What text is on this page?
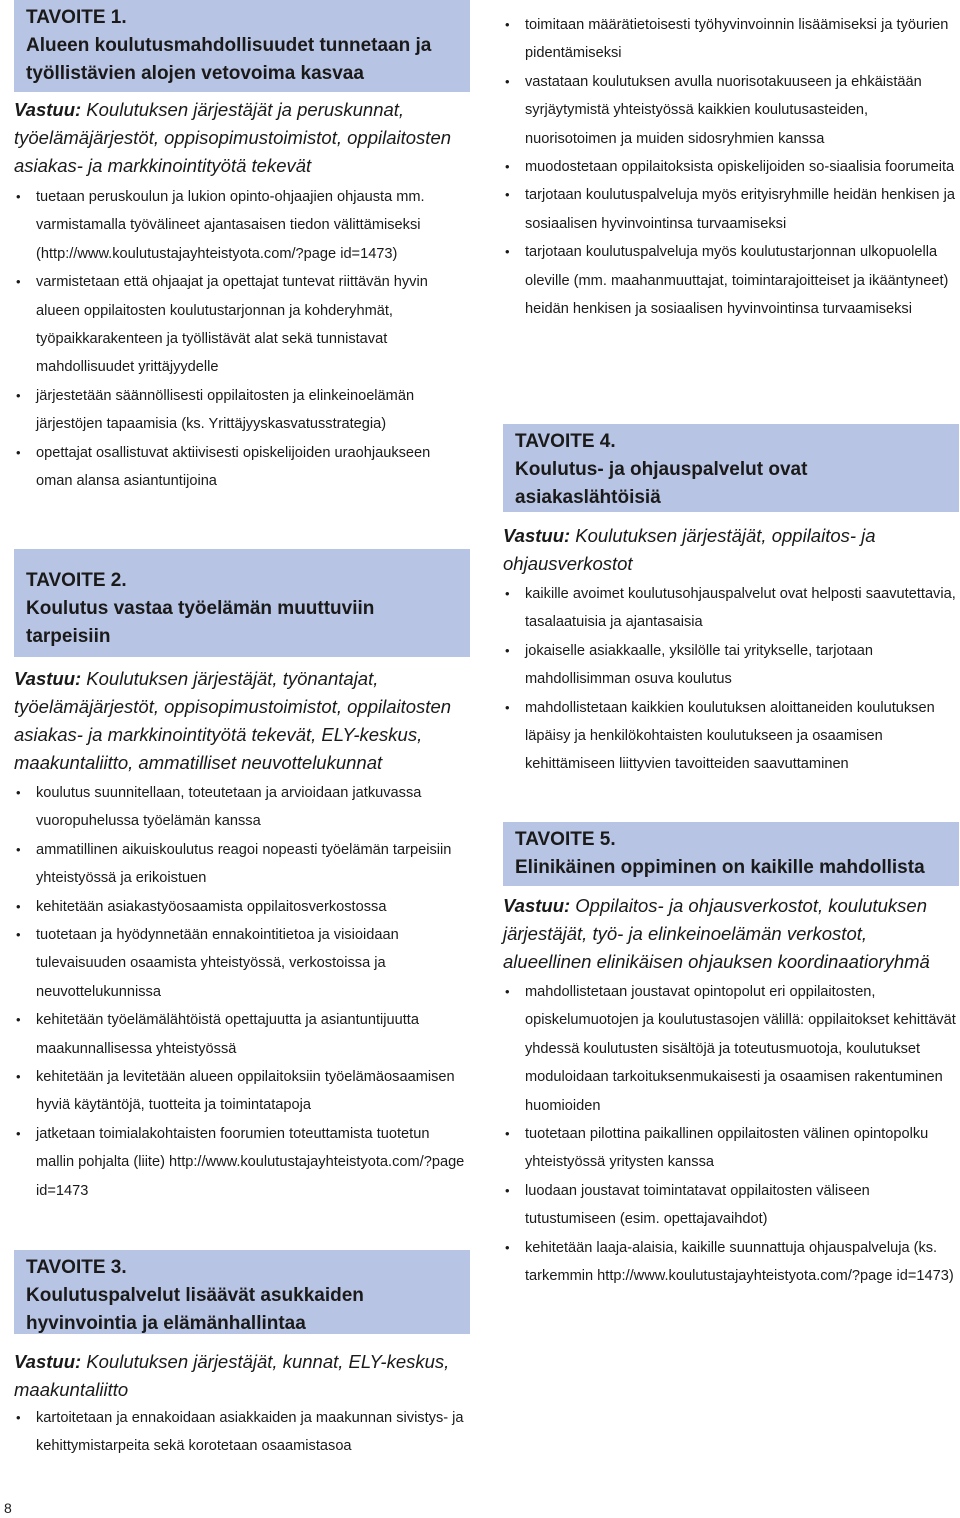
TAVOITE 1.
Alueen koulutusmahdollisuudet tunnetaan ja työllistävien alojen vetovoima kasvaa
Vastuu: Koulutuksen järjestäjät ja peruskunnat, työelämäjärjestöt, oppisopimustoimistot, oppilaitosten asiakas- ja markkinointityötä tekevät
• tuetaan peruskoulun ja lukion opinto-ohjaajien ohjausta mm. varmistamalla työvälineet ajantasaisen tiedon välittämiseksi (http://www.koulutustajayhteistyota.com/?page id=1473)
• varmistetaan että ohjaajat ja opettajat tuntevat riittävän hyvin alueen oppilaitosten koulutustarjonnan ja kohderyhmät, työpaikkarakenteen ja työllistävät alat sekä tunnistavat mahdollisuudet yrittäjyydelle
• järjestetään säännöllisesti oppilaitosten ja elinkeinoelämän järjestöjen tapaamisia (ks. Yrittäjyyskasvatusstrategia)
• opettajat osallistuvat aktiivisesti opiskelijoiden uraohjaukseen oman alansa asiantuntijoina
TAVOITE 2.
Koulutus vastaa työelämän muuttuviin tarpeisiin
Vastuu: Koulutuksen järjestäjät, työnantajat, työelämäjärjestöt, oppisopimustoimistot, oppilaitosten asiakas- ja markkinointityötä tekevät, ELY-keskus, maakuntaliitto, ammatilliset neuvottelukunnat
• koulutus suunnitellaan, toteutetaan ja arvioidaan jatkuvassa vuoropuhelussa työelämän kanssa
• ammatillinen aikuiskoulutus reagoi nopeasti työelämän tarpeisiin yhteistyössä ja erikoistuen
• kehitetään asiakastyöosaamista oppilaitosverkostossa
• tuotetaan ja hyödynnetään ennakointitietoa ja visioidaan tulevaisuuden osaamista yhteistyössä, verkostoissa ja neuvottelukunnissa
• kehitetään työelämälähtöistä opettajuutta ja asiantuntijuutta maakunnallisessa yhteistyössä
• kehitetään ja levitetään alueen oppilaitoksiin työelämäosaamisen hyviä käytäntöjä, tuotteita ja toimintatapoja
• jatketaan toimialakohtaisten foorumien toteuttamista tuotetun mallin pohjalta (liite) http://www.koulutustajayhteistyota.com/?page id=1473
TAVOITE 3.
Koulutuspalvelut lisäävät asukkaiden hyvinvointia ja elämänhallintaa
Vastuu: Koulutuksen järjestäjät, kunnat, ELY-keskus, maakuntaliitto
• kartoitetaan ja ennakoidaan asiakkaiden ja maakunnan sivistys- ja kehittymistarpeita sekä korotetaan osaamistasoa
• toimitaan määrätietoisesti työhyvinvoinnin lisäämiseksi ja työurien pidentämiseksi
• vastataan koulutuksen avulla nuorisotakuuseen ja ehkäistään syrjäytymistä yhteistyössä kaikkien koulutusasteiden, nuorisotoimen ja muiden sidosryhmien kanssa
• muodostetaan oppilaitoksista opiskelijoiden so-siaalisia foorumeita
• tarjotaan koulutuspalveluja myös erityisryhmille heidän henkisen ja sosiaalisen hyvinvointinsa turvaamiseksi
• tarjotaan koulutuspalveluja myös koulutustarjonnan ulkopuolella oleville (mm. maahanmuuttajat, toimintarajoitteiset ja ikääntyneet) heidän henkisen ja sosiaalisen hyvinvointinsa turvaamiseksi
TAVOITE 4.
Koulutus- ja ohjauspalvelut ovat asiakaslähtöisiä
Vastuu: Koulutuksen järjestäjät, oppilaitos- ja ohjausverkostot
• kaikille avoimet koulutusohjauspalvelut ovat helposti saavutettavia, tasalaatuisia ja ajantasaisia
• jokaiselle asiakkaalle, yksilölle tai yritykselle, tarjotaan mahdollisimman osuva koulutus
• mahdollistetaan kaikkien koulutuksen aloittaneiden koulutuksen läpäisy ja henkilökohtaisten koulutukseen ja osaamisen kehittämiseen liittyvien tavoitteiden saavuttaminen
TAVOITE 5.
Elinikäinen oppiminen on kaikille mahdollista
Vastuu: Oppilaitos- ja ohjausverkostot, koulutuksen järjestäjät, työ- ja elinkeinoelämän verkostot, alueellinen elinikäisen ohjauksen koordinaatioryhmä
• mahdollistetaan joustavat opintopolut eri oppilaitosten, opiskelumuotojen ja koulutustasojen välillä: oppilaitokset kehittävät yhdessä koulutusten sisältöjä ja toteutusmuotoja, koulutukset moduloidaan tarkoituksenmukaisesti ja osaamisen rakentuminen huomioiden
• tuotetaan pilottina paikallinen oppilaitosten välinen opintopolku yhteistyössä yritysten kanssa
• luodaan joustavat toimintatavat oppilaitosten väliseen tutustumiseen (esim. opettajavaihdot)
• kehitetään laaja-alaisia, kaikille suunnattuja ohjauspalveluja (ks. tarkemmin http://www.koulutustajayhteistyota.com/?page id=1473)
8
